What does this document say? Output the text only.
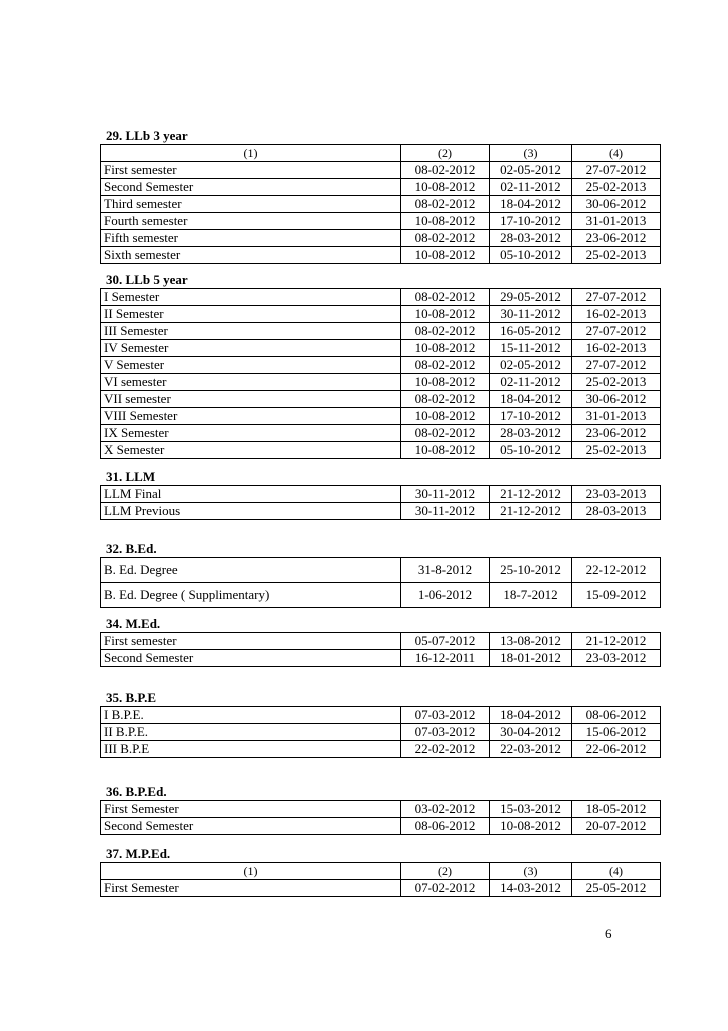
6
29. LLb 3 year
(1)	(2)	(3)	(4)
First semester	08-02-2012	02-05-2012	27-07-2012
Second Semester	10-08-2012	02-11-2012	25-02-2013
Third semester	08-02-2012	18-04-2012	30-06-2012
Fourth semester	10-08-2012	17-10-2012	31-01-2013
Fifth semester	08-02-2012	28-03-2012	23-06-2012
Sixth semester	10-08-2012	05-10-2012	25-02-2013
30. LLb 5 year
I Semester	08-02-2012	29-05-2012	27-07-2012
II Semester	10-08-2012	30-11-2012	16-02-2013
III Semester	08-02-2012	16-05-2012	27-07-2012
IV Semester	10-08-2012	15-11-2012	16-02-2013
V Semester	08-02-2012	02-05-2012	27-07-2012
VI semester	10-08-2012	02-11-2012	25-02-2013
VII semester	08-02-2012	18-04-2012	30-06-2012
VIII Semester	10-08-2012	17-10-2012	31-01-2013
IX Semester	08-02-2012	28-03-2012	23-06-2012
X Semester	10-08-2012	05-10-2012	25-02-2013
31. LLM
LLM Final	30-11-2012	21-12-2012	23-03-2013
LLM Previous	30-11-2012	21-12-2012	28-03-2013
32. B.Ed.
B. Ed. Degree	31-8-2012	25-10-2012	22-12-2012
B. Ed. Degree ( Supplimentary)	1-06-2012	18-7-2012	15-09-2012
34. M.Ed.
First semester	05-07-2012	13-08-2012	21-12-2012
Second Semester	16-12-2011	18-01-2012	23-03-2012
35. B.P.E
I B.P.E.	07-03-2012	18-04-2012	08-06-2012
II B.P.E.	07-03-2012	30-04-2012	15-06-2012
III B.P.E	22-02-2012	22-03-2012	22-06-2012
36. B.P.Ed.
First Semester	03-02-2012	15-03-2012	18-05-2012
Second Semester	08-06-2012	10-08-2012	20-07-2012
37. M.P.Ed.
(1)	(2)	(3)	(4)
First Semester	07-02-2012	14-03-2012	25-05-2012
